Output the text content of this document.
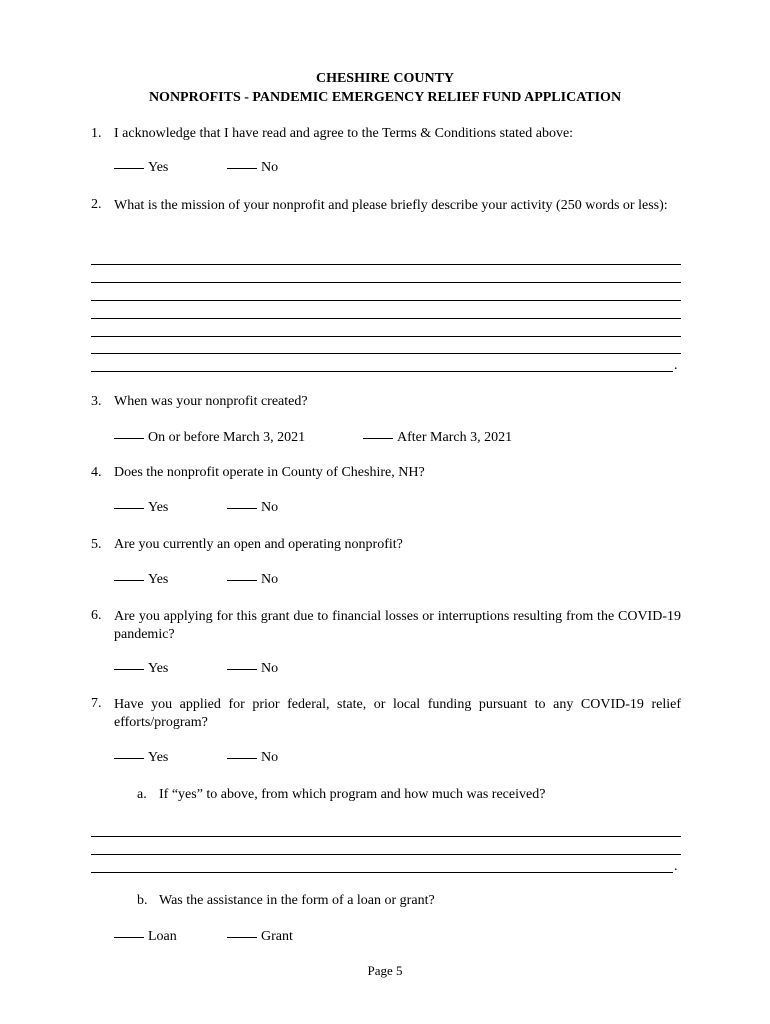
CHESHIRE COUNTY
NONPROFITS - PANDEMIC EMERGENCY RELIEF FUND APPLICATION
1. I acknowledge that I have read and agree to the Terms & Conditions stated above:
Yes	No
2. What is the mission of your nonprofit and please briefly describe your activity (250 words or less):
.
3. When was your nonprofit created?
On or before March 3, 2021	After March 3, 2021
4. Does the nonprofit operate in County of Cheshire, NH?
Yes	No
5. Are you currently an open and operating nonprofit?
Yes	No
6. Are you applying for this grant due to financial losses or interruptions resulting from the COVID-19 pandemic?
Yes	No
7. Have you applied for prior federal, state, or local funding pursuant to any COVID-19 relief efforts/program?
Yes	No
a. If “yes” to above, from which program and how much was received?
.
b. Was the assistance in the form of a loan or grant?
Loan	Grant
Page 5
